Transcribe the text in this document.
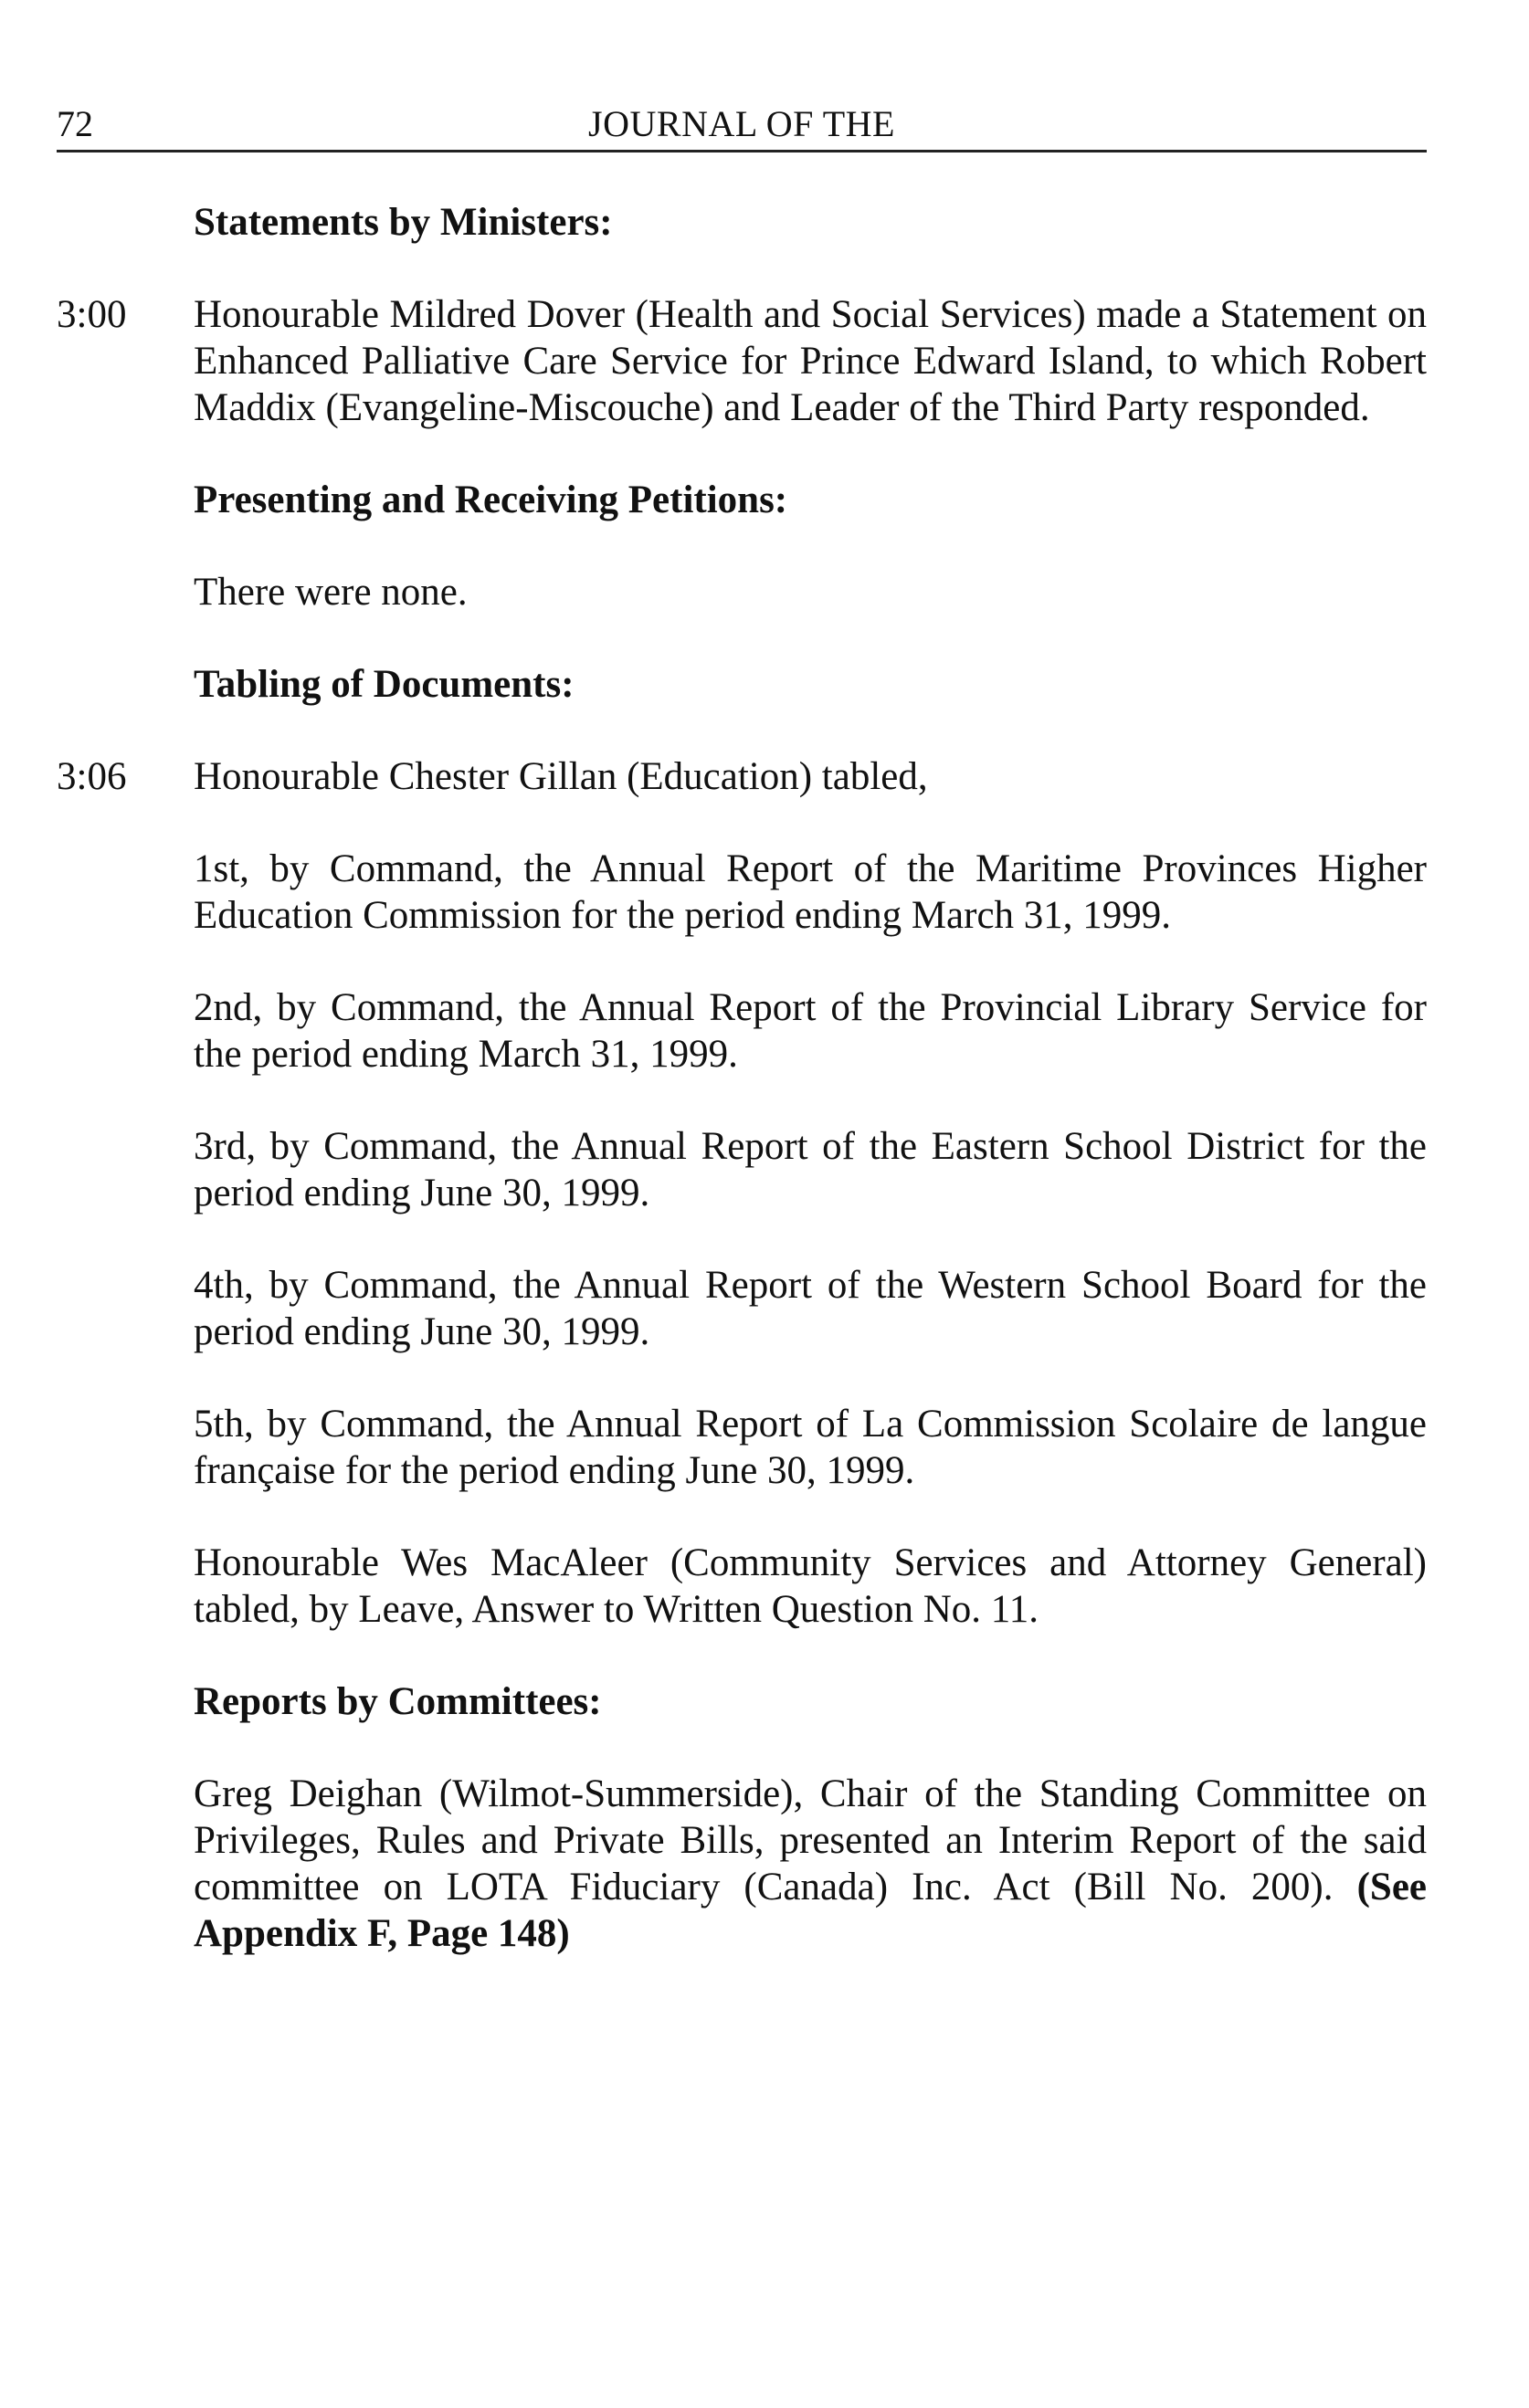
72	JOURNAL OF THE
Statements by Ministers:
3:00 Honourable Mildred Dover (Health and Social Services) made a Statement on Enhanced Palliative Care Service for Prince Edward Island, to which Robert Maddix (Evangeline-Miscouche) and Leader of the Third Party responded.
Presenting and Receiving Petitions:
There were none.
Tabling of Documents:
3:06 Honourable Chester Gillan (Education) tabled,
1st, by Command, the Annual Report of the Maritime Provinces Higher Education Commission for the period ending March 31, 1999.
2nd, by Command, the Annual Report of the Provincial Library Service for the period ending March 31, 1999.
3rd, by Command, the Annual Report of the Eastern School District for the period ending June 30, 1999.
4th, by Command, the Annual Report of the Western School Board for the period ending June 30, 1999.
5th, by Command, the Annual Report of La Commission Scolaire de langue française for the period ending June 30, 1999.
Honourable Wes MacAleer (Community Services and Attorney General) tabled, by Leave, Answer to Written Question No. 11.
Reports by Committees:
Greg Deighan (Wilmot-Summerside), Chair of the Standing Committee on Privileges, Rules and Private Bills, presented an Interim Report of the said committee on LOTA Fiduciary (Canada) Inc. Act (Bill No. 200). (See Appendix F, Page 148)
